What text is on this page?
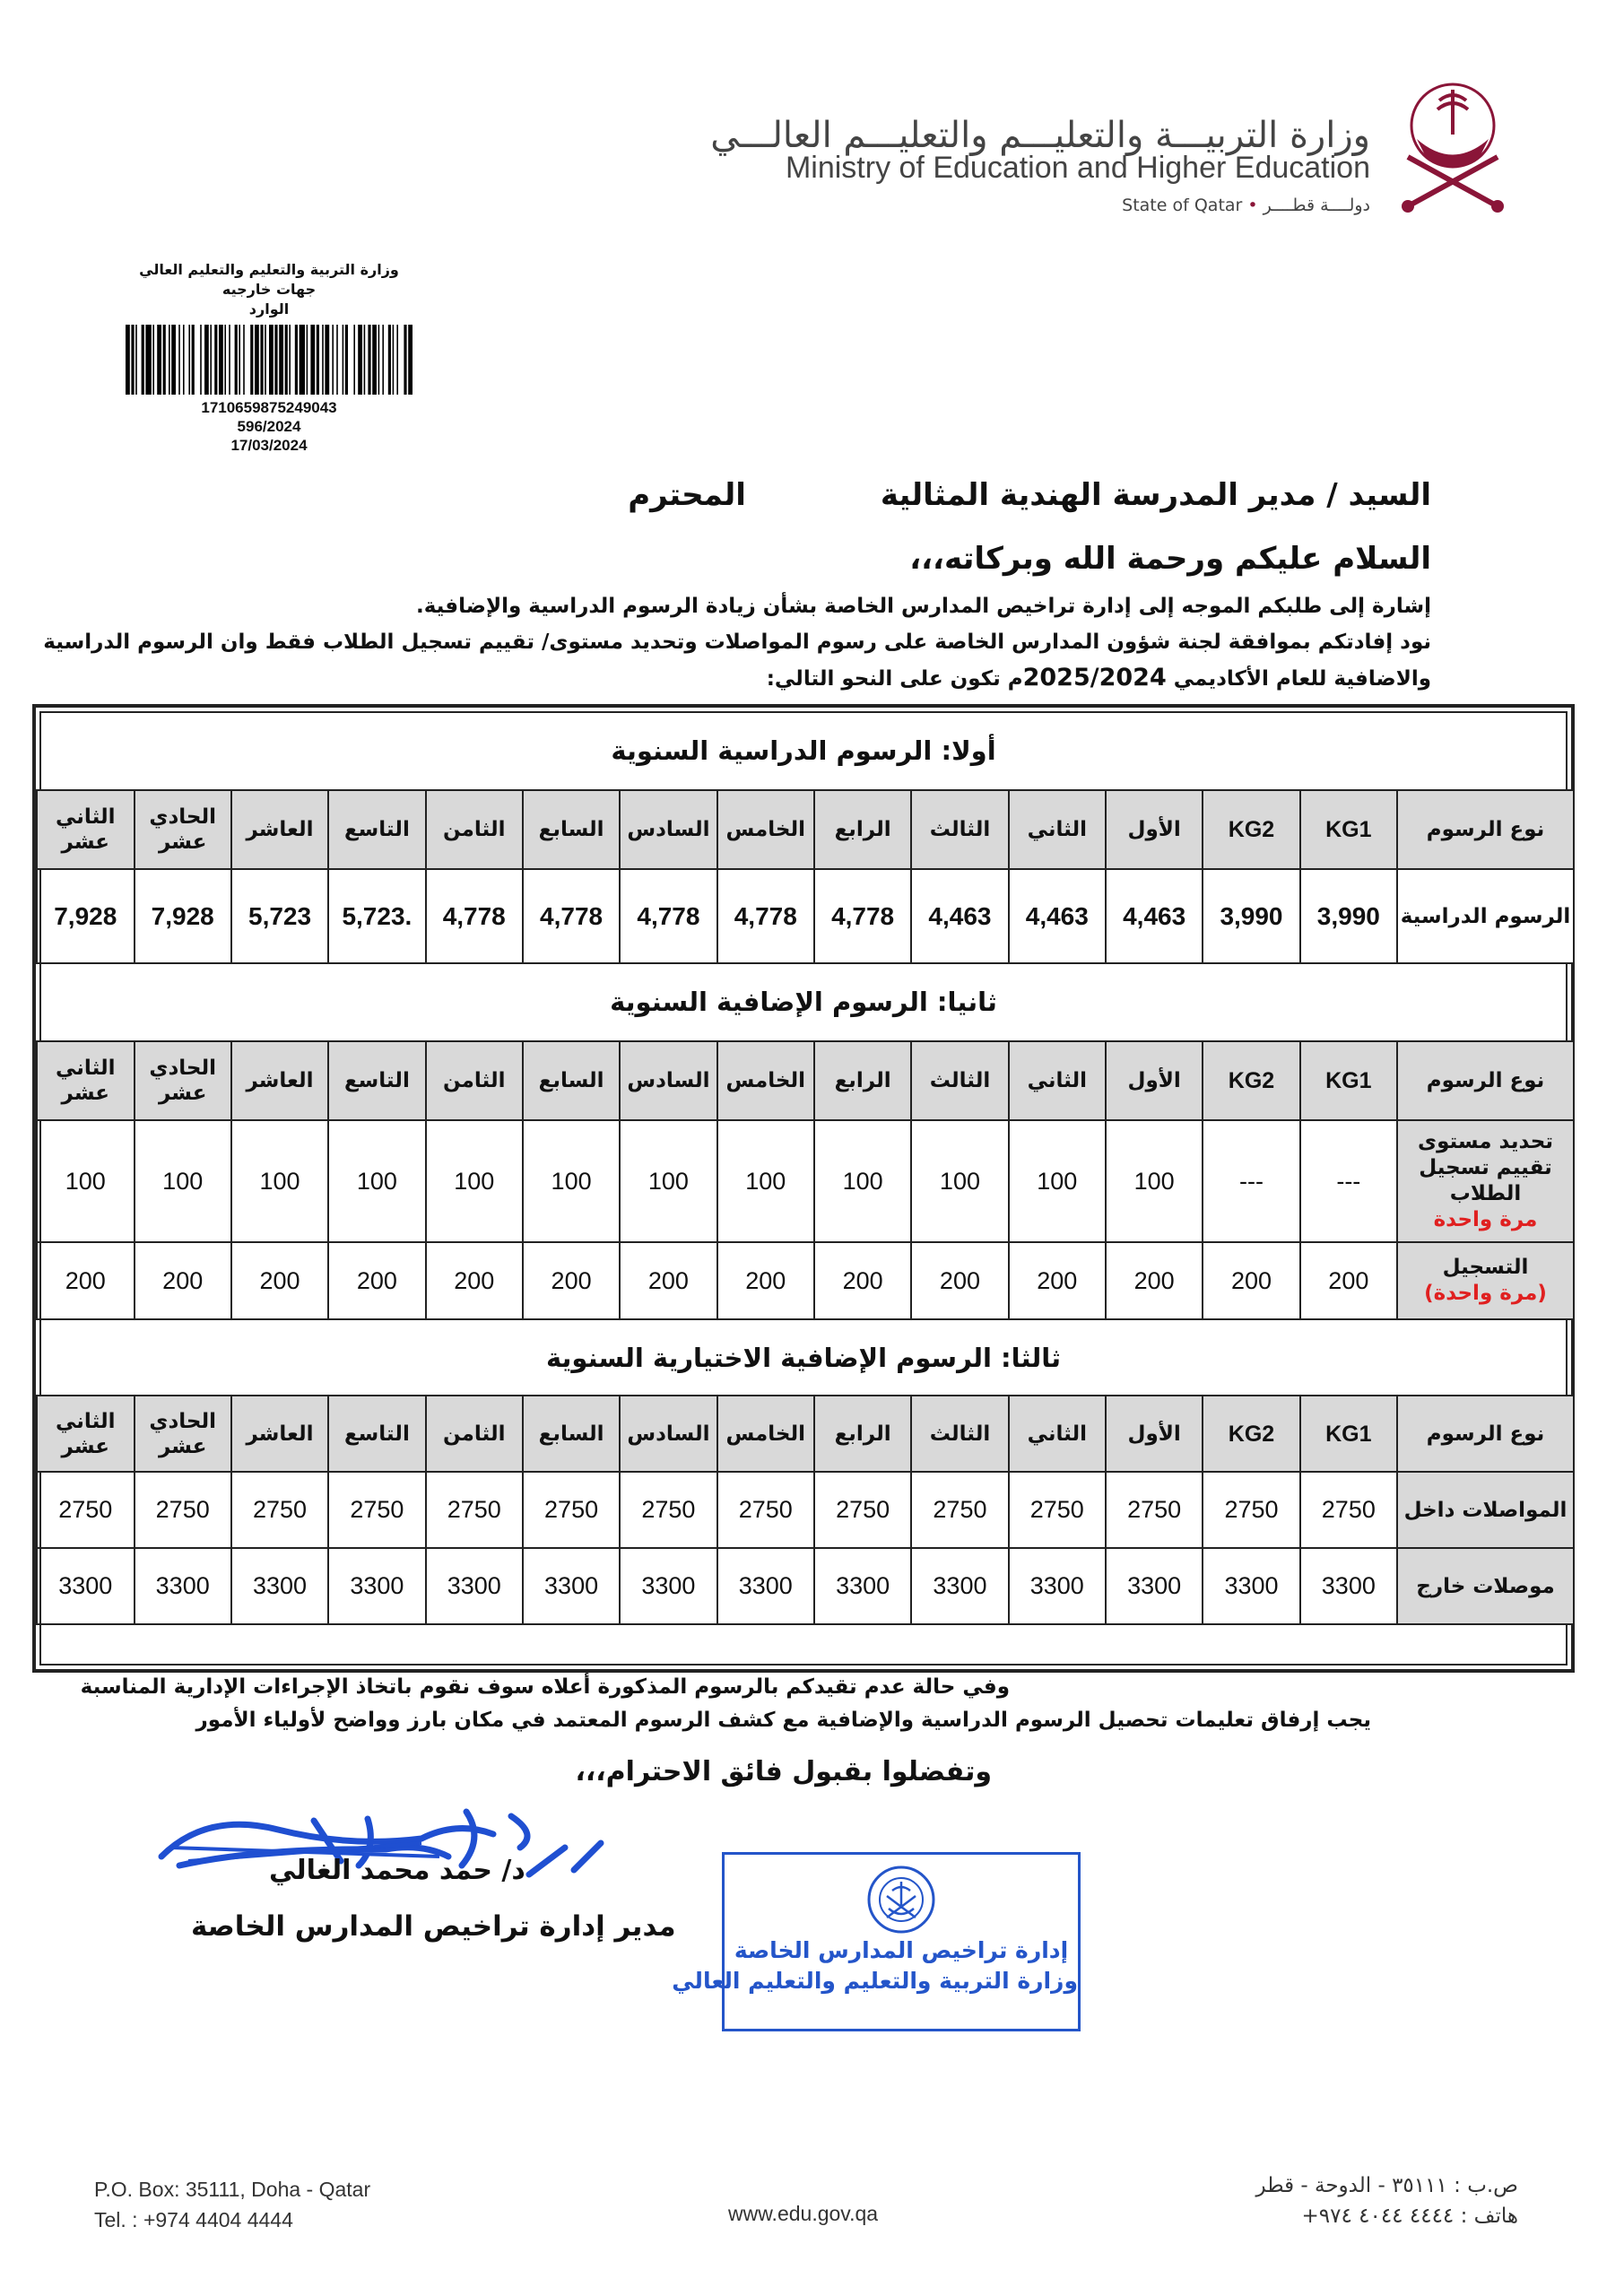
وزارة التربيـــة والتعليـــم والتعليـــم العالـــي
Ministry of Education and Higher Education
State of Qatar • دولــــة قطــــر
وزارة التربية والتعليم والتعليم العالي
جهات خارجيه
الوارد
1710659875249043
596/2024
17/03/2024
السيد / مدير المدرسة الهندية المثاليةالمحترم
السلام عليكم ورحمة الله وبركاته،،،
إشارة إلى طلبكم الموجه إلى إدارة تراخيص المدارس الخاصة بشأن زيادة الرسوم الدراسية والإضافية.
نود إفادتكم بموافقة لجنة شؤون المدارس الخاصة على رسوم المواصلات وتحديد مستوى/ تقييم تسجيل الطلاب فقط وان الرسوم الدراسية
والاضافية للعام الأكاديمي 2025/2024م تكون على النحو التالي:
أولا: الرسوم الدراسية السنوية
نوع الرسوم	KG1	KG2	الأول	الثاني	الثالث	الرابع	الخامس	السادس	السابع	الثامن	التاسع	العاشر	الحادي عشر	الثاني عشر
الرسوم الدراسية	3,990	3,990	4,463	4,463	4,463	4,778	4,778	4,778	4,778	4,778	.5,723	5,723	7,928	7,928
ثانيا: الرسوم الإضافية السنوية
نوع الرسوم	KG1	KG2	الأول	الثاني	الثالث	الرابع	الخامس	السادس	السابع	الثامن	التاسع	العاشر	الحادي عشر	الثاني عشر
تحديد مستوى تقييم تسجيل الطلاب
مرة واحدة	---	---	100	100	100	100	100	100	100	100	100	100	100	100
التسجيل
(مرة واحدة)	200	200	200	200	200	200	200	200	200	200	200	200	200	200
ثالثا: الرسوم الإضافية الاختيارية السنوية
نوع الرسوم	KG1	KG2	الأول	الثاني	الثالث	الرابع	الخامس	السادس	السابع	الثامن	التاسع	العاشر	الحادي عشر	الثاني عشر
المواصلات داخل	2750	2750	2750	2750	2750	2750	2750	2750	2750	2750	2750	2750	2750	2750
موصلات خارج	3300	3300	3300	3300	3300	3300	3300	3300	3300	3300	3300	3300	3300	3300
وفي حالة عدم تقيدكم بالرسوم المذكورة أعلاه سوف نقوم باتخاذ الإجراءات الإدارية المناسبة
يجب إرفاق تعليمات تحصيل الرسوم الدراسية والإضافية مع كشف الرسوم المعتمد في مكان بارز وواضح لأولياء الأمور
وتفضلوا بقبول فائق الاحترام،،،
د/ حمد محمد الغالي
مدير إدارة تراخيص المدارس الخاصة
إدارة تراخيص المدارس الخاصة
وزارة التربية والتعليم والتعليم العالي
P.O. Box: 35111, Doha - Qatar
Tel. : +974 4404 4444	www.edu.gov.qa
ص.ب : ٣٥١١١ - الدوحة - قطر
هاتف : ٤٤٤٤ ٤٠٤٤ ٩٧٤+
